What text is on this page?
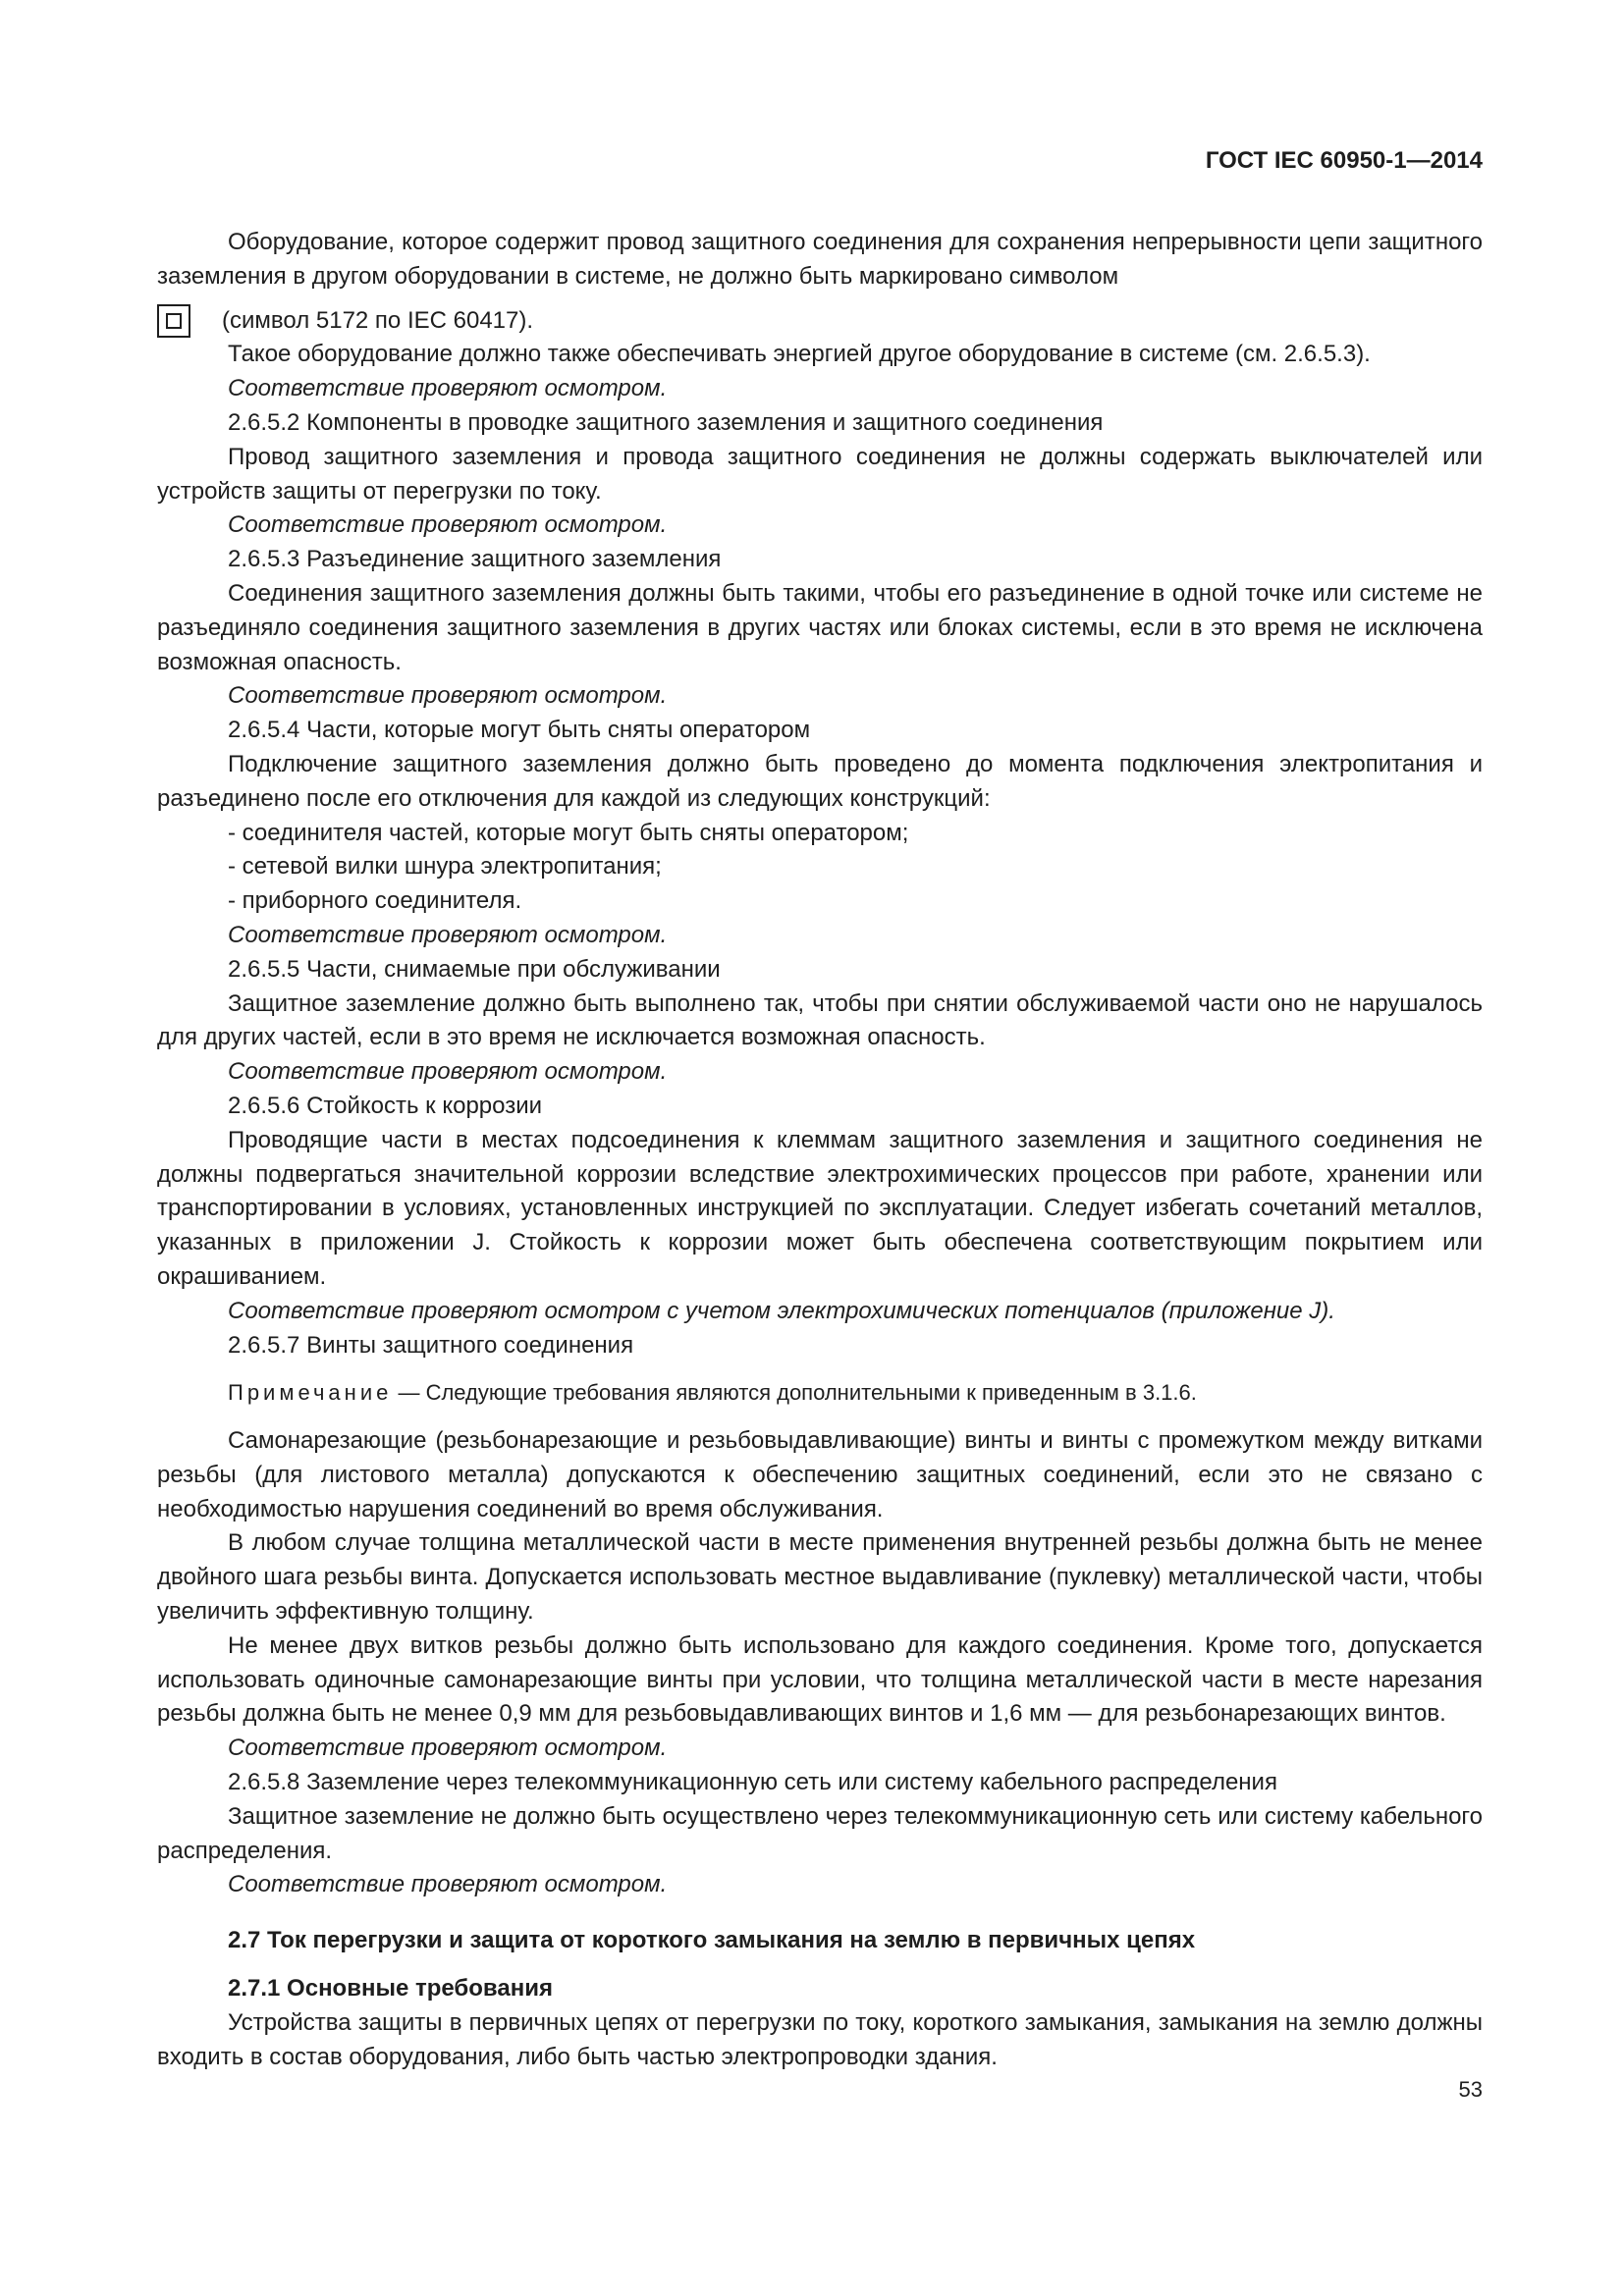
ГОСТ IEC 60950-1—2014

Оборудование, которое содержит провод защитного соединения для сохранения непрерывности цепи защитного заземления в другом оборудовании в системе, не должно быть маркировано символом

(символ 5172 по IEC 60417).

Такое оборудование должно также обеспечивать энергией другое оборудование в системе (см. 2.6.5.3).

Соответствие проверяют осмотром.

2.6.5.2 Компоненты в проводке защитного заземления и защитного соединения

Провод защитного заземления и провода защитного соединения не должны содержать выключателей или устройств защиты от перегрузки по току.

Соответствие проверяют осмотром.

2.6.5.3 Разъединение защитного заземления

Соединения защитного заземления должны быть такими, чтобы его разъединение в одной точке или системе не разъединяло соединения защитного заземления в других частях или блоках системы, если в это время не исключена возможная опасность.

Соответствие проверяют осмотром.

2.6.5.4 Части, которые могут быть сняты оператором

Подключение защитного заземления должно быть проведено до момента подключения электропитания и разъединено после его отключения для каждой из следующих конструкций:

- соединителя частей, которые могут быть сняты оператором;
- сетевой вилки шнура электропитания;
- приборного соединителя.

Соответствие проверяют осмотром.

2.6.5.5 Части, снимаемые при обслуживании

Защитное заземление должно быть выполнено так, чтобы при снятии обслуживаемой части оно не нарушалось для других частей, если в это время не исключается возможная опасность.

Соответствие проверяют осмотром.

2.6.5.6 Стойкость к коррозии

Проводящие части в местах подсоединения к клеммам защитного заземления и защитного соединения не должны подвергаться значительной коррозии вследствие электрохимических процессов при работе, хранении или транспортировании в условиях, установленных инструкцией по эксплуатации. Следует избегать сочетаний металлов, указанных в приложении J. Стойкость к коррозии может быть обеспечена соответствующим покрытием или окрашиванием.

Соответствие проверяют осмотром с учетом электрохимических потенциалов (приложение J).

2.6.5.7 Винты защитного соединения

Примечание — Следующие требования являются дополнительными к приведенным в 3.1.6.

Самонарезающие (резьбонарезающие и резьбовыдавливающие) винты и винты с промежутком между витками резьбы (для листового металла) допускаются к обеспечению защитных соединений, если это не связано с необходимостью нарушения соединений во время обслуживания.

В любом случае толщина металлической части в месте применения внутренней резьбы должна быть не менее двойного шага резьбы винта. Допускается использовать местное выдавливание (пуклевку) металлической части, чтобы увеличить эффективную толщину.

Не менее двух витков резьбы должно быть использовано для каждого соединения. Кроме того, допускается использовать одиночные самонарезающие винты при условии, что толщина металлической части в месте нарезания резьбы должна быть не менее 0,9 мм для резьбовыдавливающих винтов и 1,6 мм — для резьбонарезающих винтов.

Соответствие проверяют осмотром.

2.6.5.8 Заземление через телекоммуникационную сеть или систему кабельного распределения

Защитное заземление не должно быть осуществлено через телекоммуникационную сеть или систему кабельного распределения.

Соответствие проверяют осмотром.

2.7 Ток перегрузки и защита от короткого замыкания на землю в первичных цепях

2.7.1 Основные требования

Устройства защиты в первичных цепях от перегрузки по току, короткого замыкания, замыкания на землю должны входить в состав оборудования, либо быть частью электропроводки здания.

53
